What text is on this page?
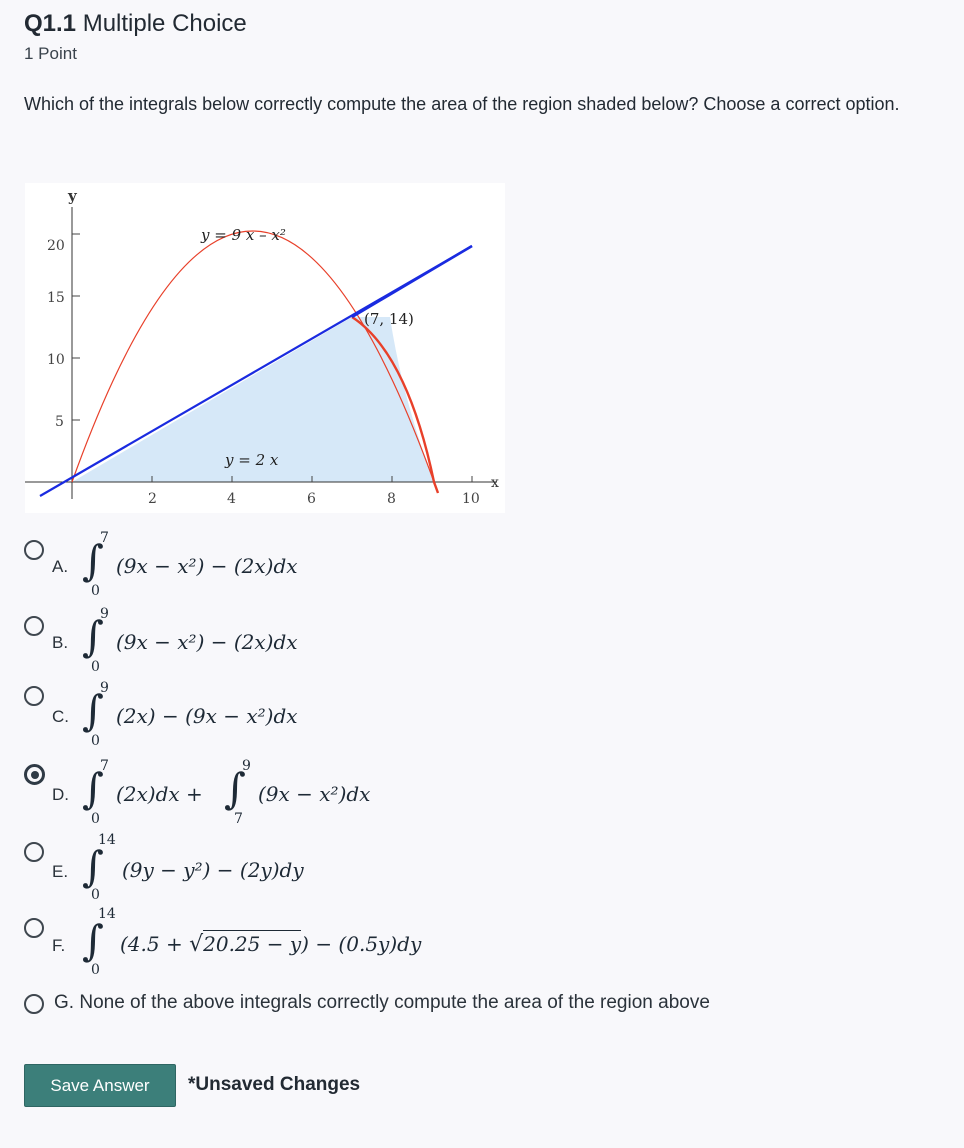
Q1.1 Multiple Choice
1 Point
Which of the integrals below correctly compute the area of the region shaded below? Choose a correct option.
5
10
15
20
2	4	6	8	10
y
x
y = 9 x – x²
y = 2 x
(7, 14)
A. ∫
7
0
(9x − x²) − (2x)dx
B. ∫
9
0
(9x − x²) − (2x)dx
C. ∫
9
0
(2x) − (9x − x²)dx
D. ∫
7
0
(2x)dx + ∫
9
7
(9x − x²)dx
E. ∫
14
0
(9y − y²) − (2y)dy
F. ∫
14
0
(4.5 + √20.25 − y) − (0.5y)dy
G. None of the above integrals correctly compute the area of the region above
Save Answer	*Unsaved Changes
